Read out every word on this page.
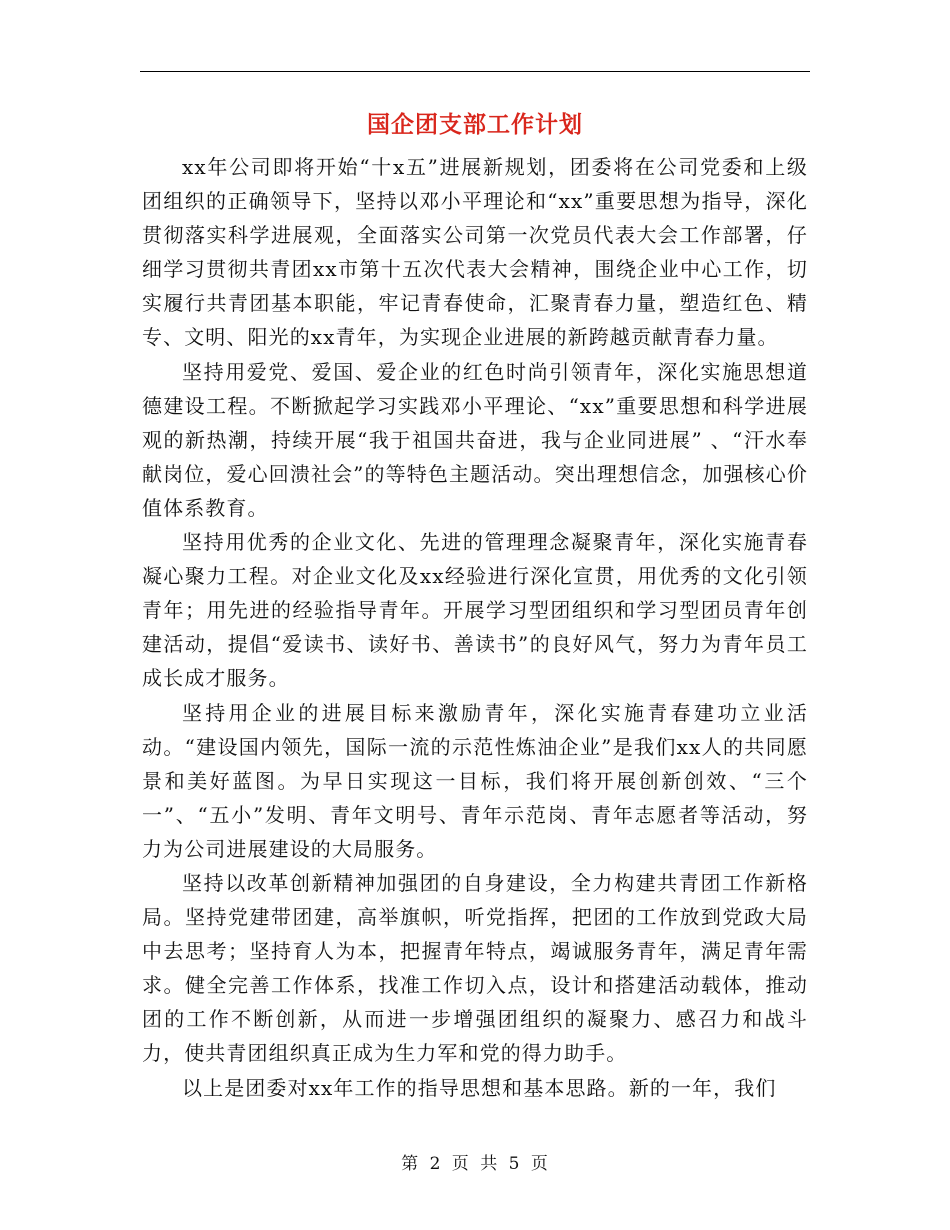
国企团支部工作计划

xx年公司即将开始“十x五”进展新规划，团委将在公司党委和上级团组织的正确领导下，坚持以邓小平理论和“xx”重要思想为指导，深化贯彻落实科学进展观，全面落实公司第一次党员代表大会工作部署，仔细学习贯彻共青团xx市第十五次代表大会精神，围绕企业中心工作，切实履行共青团基本职能，牢记青春使命，汇聚青春力量，塑造红色、精专、文明、阳光的xx青年，为实现企业进展的新跨越贡献青春力量。

坚持用爱党、爱国、爱企业的红色时尚引领青年，深化实施思想道德建设工程。不断掀起学习实践邓小平理论、“xx”重要思想和科学进展观的新热潮，持续开展“我于祖国共奋进，我与企业同进展” 、“汗水奉献岗位，爱心回溃社会”的等特色主题活动。突出理想信念，加强核心价值体系教育。

坚持用优秀的企业文化、先进的管理理念凝聚青年，深化实施青春凝心聚力工程。对企业文化及xx经验进行深化宣贯，用优秀的文化引领青年；用先进的经验指导青年。开展学习型团组织和学习型团员青年创建活动，提倡“爱读书、读好书、善读书”的良好风气，努力为青年员工成长成才服务。

坚持用企业的进展目标来激励青年，深化实施青春建功立业活动。“建设国内领先，国际一流的示范性炼油企业”是我们xx人的共同愿景和美好蓝图。为早日实现这一目标，我们将开展创新创效、“三个一”、“五小”发明、青年文明号、青年示范岗、青年志愿者等活动，努力为公司进展建设的大局服务。

坚持以改革创新精神加强团的自身建设，全力构建共青团工作新格局。坚持党建带团建，高举旗帜，听党指挥，把团的工作放到党政大局中去思考；坚持育人为本，把握青年特点，竭诚服务青年，满足青年需求。健全完善工作体系，找准工作切入点，设计和搭建活动载体，推动团的工作不断创新，从而进一步增强团组织的凝聚力、感召力和战斗力，使共青团组织真正成为生力军和党的得力助手。

以上是团委对xx年工作的指导思想和基本思路。新的一年，我们

第 2 页 共 5 页
